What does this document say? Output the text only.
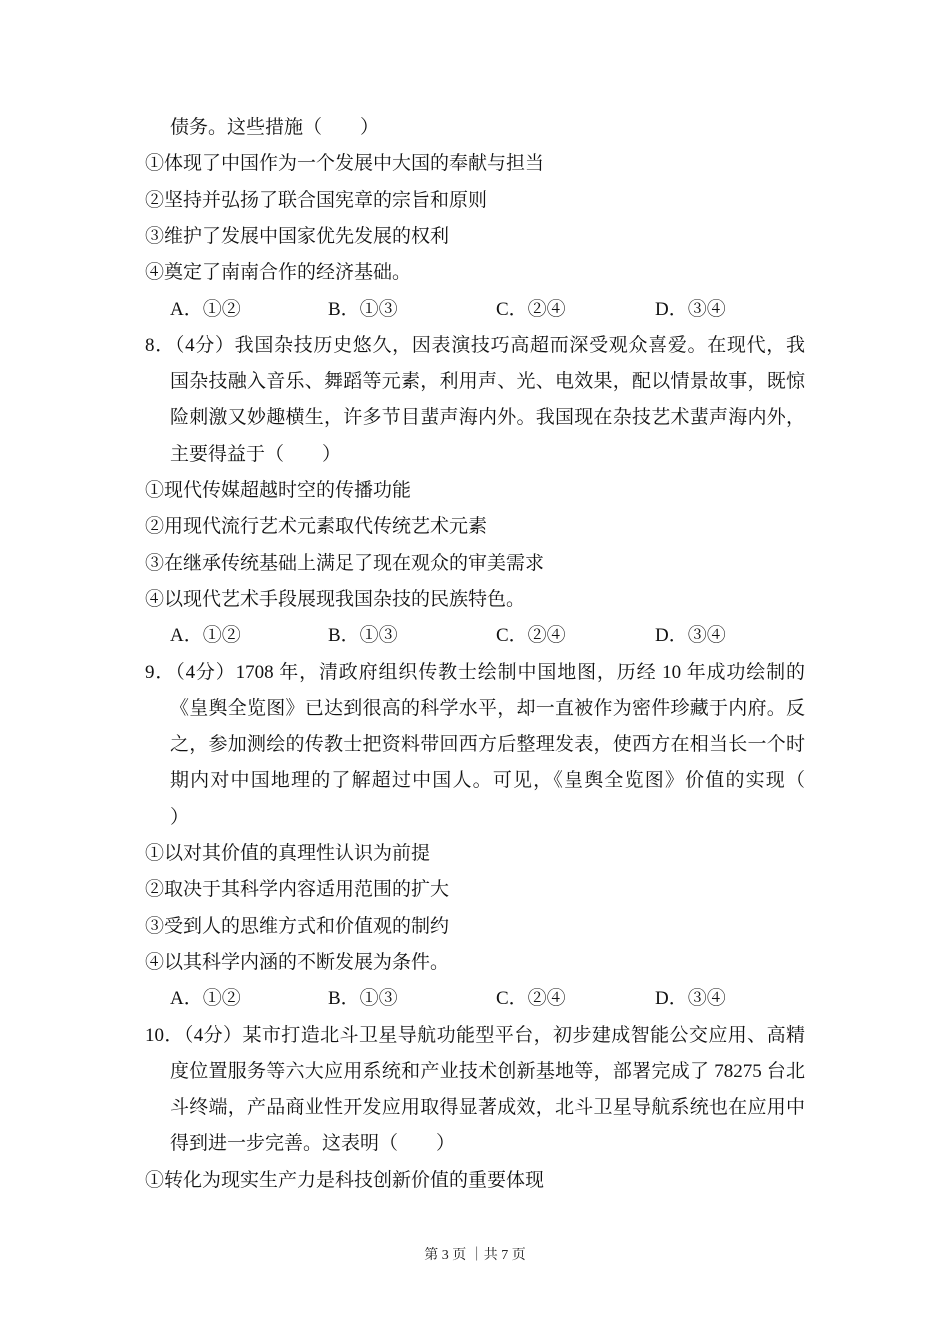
债务。这些措施（　　）
①体现了中国作为一个发展中大国的奉献与担当
②坚持并弘扬了联合国宪章的宗旨和原则
③维护了发展中国家优先发展的权利
④奠定了南南合作的经济基础。
A．①②	B．①③	C．②④	D．③④
8．（4分）我国杂技历史悠久，因表演技巧高超而深受观众喜爱。在现代，我
国杂技融入音乐、舞蹈等元素，利用声、光、电效果，配以情景故事，既惊
险刺激又妙趣横生，许多节目蜚声海内外。我国现在杂技艺术蜚声海内外，
主要得益于（　　）
①现代传媒超越时空的传播功能
②用现代流行艺术元素取代传统艺术元素
③在继承传统基础上满足了现在观众的审美需求
④以现代艺术手段展现我国杂技的民族特色。
A．①②	B．①③	C．②④	D．③④
9．（4分）1708 年，清政府组织传教士绘制中国地图，历经 10 年成功绘制的
《皇舆全览图》已达到很高的科学水平，却一直被作为密件珍藏于内府。反
之，参加测绘的传教士把资料带回西方后整理发表，使西方在相当长一个时
期内对中国地理的了解超过中国人。可见，《皇舆全览图》价值的实现（
）
①以对其价值的真理性认识为前提
②取决于其科学内容适用范围的扩大
③受到人的思维方式和价值观的制约
④以其科学内涵的不断发展为条件。
A．①②	B．①③	C．②④	D．③④
10．（4分）某市打造北斗卫星导航功能型平台，初步建成智能公交应用、高精
度位置服务等六大应用系统和产业技术创新基地等，部署完成了 78275 台北
斗终端，产品商业性开发应用取得显著成效，北斗卫星导航系统也在应用中
得到进一步完善。这表明（　　）
①转化为现实生产力是科技创新价值的重要体现
第 3 页 ｜共 7 页
